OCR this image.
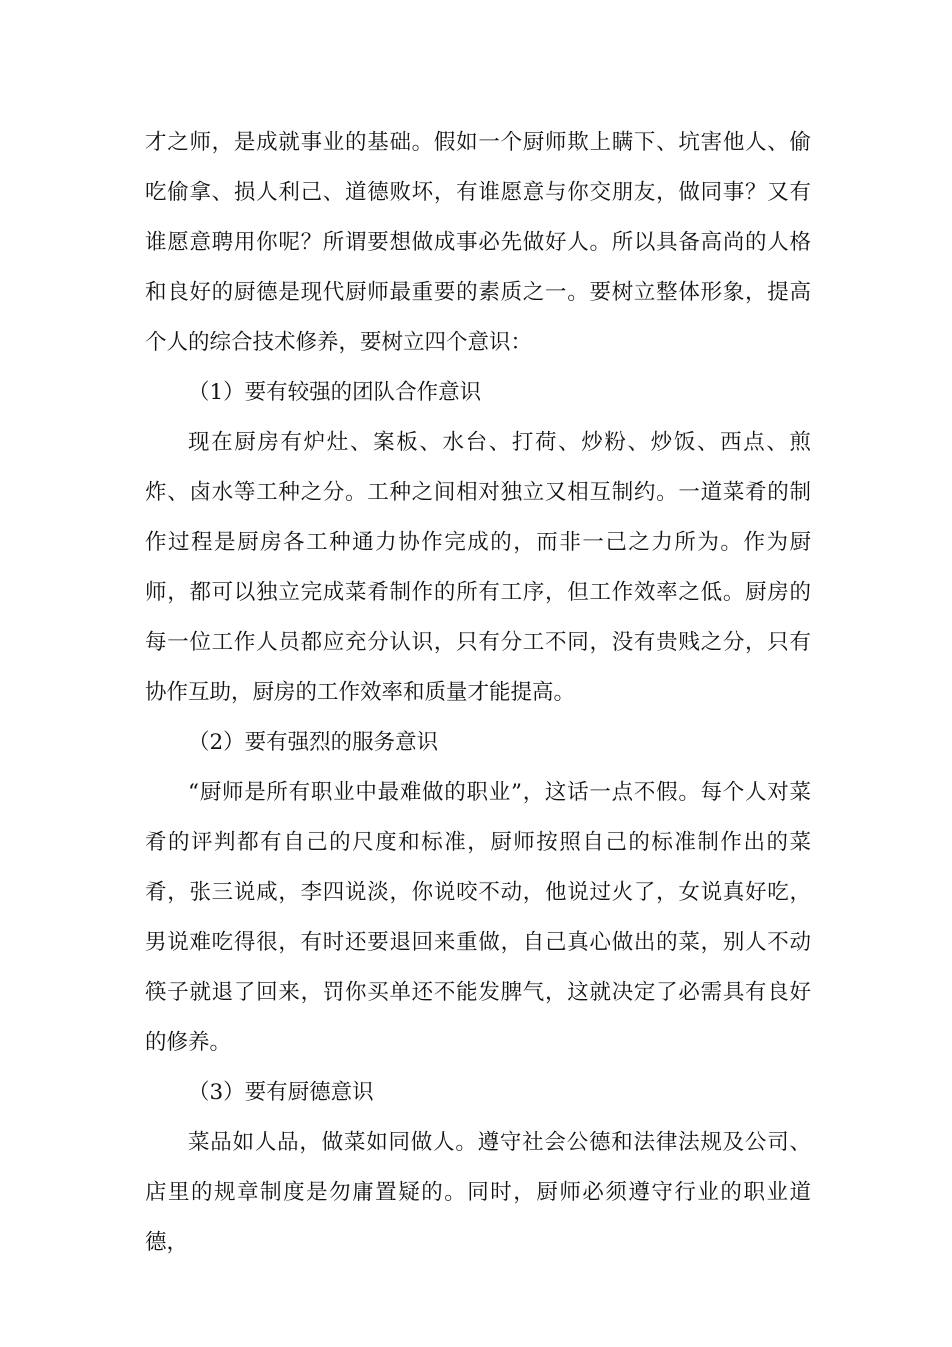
才之师，是成就事业的基础。假如一个厨师欺上瞒下、坑害他人、偷吃偷拿、损人利己、道德败坏，有谁愿意与你交朋友，做同事？又有谁愿意聘用你呢？所谓要想做成事必先做好人。所以具备高尚的人格和良好的厨德是现代厨师最重要的素质之一。要树立整体形象，提高个人的综合技术修养，要树立四个意识：

（1）要有较强的团队合作意识

现在厨房有炉灶、案板、水台、打荷、炒粉、炒饭、西点、煎炸、卤水等工种之分。工种之间相对独立又相互制约。一道菜肴的制作过程是厨房各工种通力协作完成的，而非一己之力所为。作为厨师，都可以独立完成菜肴制作的所有工序，但工作效率之低。厨房的每一位工作人员都应充分认识，只有分工不同，没有贵贱之分，只有协作互助，厨房的工作效率和质量才能提高。

（2）要有强烈的服务意识

“厨师是所有职业中最难做的职业”，这话一点不假。每个人对菜肴的评判都有自己的尺度和标准，厨师按照自己的标准制作出的菜肴，张三说咸，李四说淡，你说咬不动，他说过火了，女说真好吃，男说难吃得很，有时还要退回来重做，自己真心做出的菜，别人不动筷子就退了回来，罚你买单还不能发脾气，这就决定了必需具有良好的修养。

（3）要有厨德意识

菜品如人品，做菜如同做人。遵守社会公德和法律法规及公司、店里的规章制度是勿庸置疑的。同时，厨师必须遵守行业的职业道德，
